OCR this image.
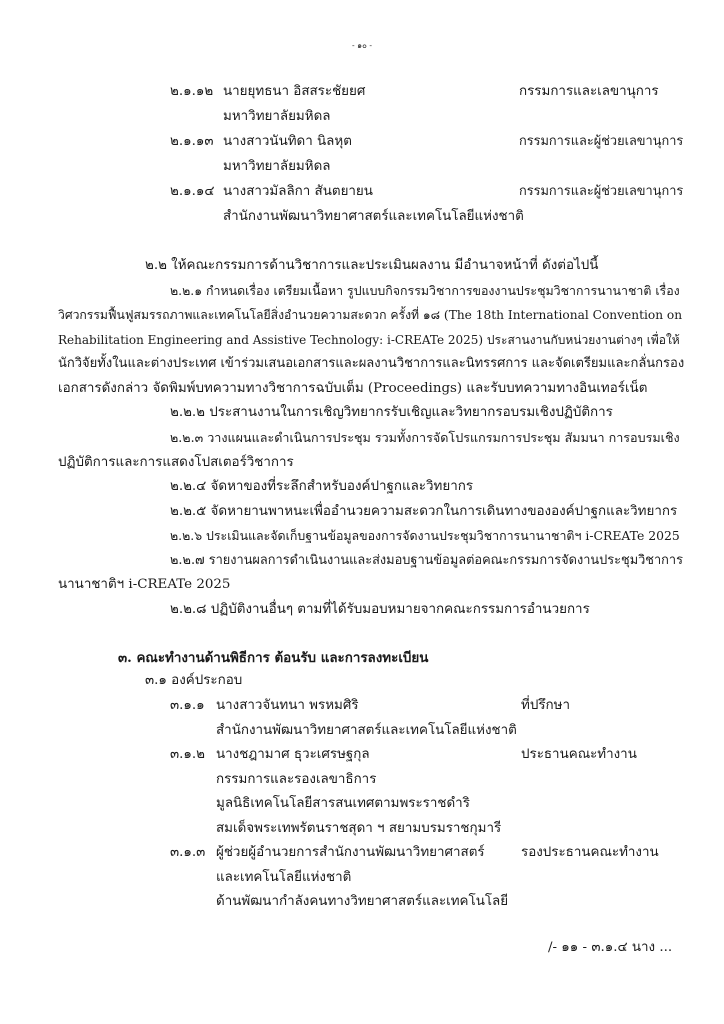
- ๑๐ -
๒.๑.๑๒ นายยุทธนา อิสสระชัยยศ	กรรมการและเลขานุการ
มหาวิทยาลัยมหิดล
๒.๑.๑๓ นางสาวนันทิดา นิลหุต	กรรมการและผู้ช่วยเลขานุการ
มหาวิทยาลัยมหิดล
๒.๑.๑๔ นางสาวมัลลิกา สันตยายน	กรรมการและผู้ช่วยเลขานุการ
สำนักงานพัฒนาวิทยาศาสตร์และเทคโนโลยีแห่งชาติ
๒.๒ ให้คณะกรรมการด้านวิชาการและประเมินผลงาน มีอำนาจหน้าที่ ดังต่อไปนี้
๒.๒.๑ กำหนดเรื่อง เตรียมเนื้อหา รูปแบบกิจกรรมวิชาการของงานประชุมวิชาการนานาชาติ เรื่อง
วิศวกรรมฟื้นฟูสมรรถภาพและเทคโนโลยีสิ่งอำนวยความสะดวก ครั้งที่ ๑๘ (The 18th International Convention on
Rehabilitation Engineering and Assistive Technology: i-CREATe 2025) ประสานงานกับหน่วยงานต่างๆ เพื่อให้
นักวิจัยทั้งในและต่างประเทศ เข้าร่วมเสนอเอกสารและผลงานวิชาการและนิทรรศการ และจัดเตรียมและกลั่นกรอง
เอกสารดังกล่าว จัดพิมพ์บทความทางวิชาการฉบับเต็ม (Proceedings) และรับบทความทางอินเทอร์เน็ต
๒.๒.๒ ประสานงานในการเชิญวิทยากรรับเชิญและวิทยากรอบรมเชิงปฏิบัติการ
๒.๒.๓ วางแผนและดำเนินการประชุม รวมทั้งการจัดโปรแกรมการประชุม สัมมนา การอบรมเชิง
ปฏิบัติการและการแสดงโปสเตอร์วิชาการ
๒.๒.๔ จัดหาของที่ระลึกสำหรับองค์ปาฐกและวิทยากร
๒.๒.๕ จัดหายานพาหนะเพื่ออำนวยความสะดวกในการเดินทางขององค์ปาฐกและวิทยากร
๒.๒.๖ ประเมินและจัดเก็บฐานข้อมูลของการจัดงานประชุมวิชาการนานาชาติฯ i-CREATe 2025
๒.๒.๗ รายงานผลการดำเนินงานและส่งมอบฐานข้อมูลต่อคณะกรรมการจัดงานประชุมวิชาการ
นานาชาติฯ i-CREATe 2025
๒.๒.๘ ปฏิบัติงานอื่นๆ ตามที่ได้รับมอบหมายจากคณะกรรมการอำนวยการ
๓. คณะทำงานด้านพิธีการ ต้อนรับ และการลงทะเบียน
๓.๑ องค์ประกอบ
๓.๑.๑ นางสาวจันทนา พรหมศิริ	ที่ปรึกษา
สำนักงานพัฒนาวิทยาศาสตร์และเทคโนโลยีแห่งชาติ
๓.๑.๒ นางชฎามาศ ธุวะเศรษฐกุล	ประธานคณะทำงาน
กรรมการและรองเลขาธิการ
มูลนิธิเทคโนโลยีสารสนเทศตามพระราชดำริ
สมเด็จพระเทพรัตนราชสุดา ฯ สยามบรมราชกุมารี
๓.๑.๓ ผู้ช่วยผู้อำนวยการสำนักงานพัฒนาวิทยาศาสตร์	รองประธานคณะทำงาน
และเทคโนโลยีแห่งชาติ
ด้านพัฒนากำลังคนทางวิทยาศาสตร์และเทคโนโลยี
/- ๑๑ - ๓.๑.๔ นาง ...
